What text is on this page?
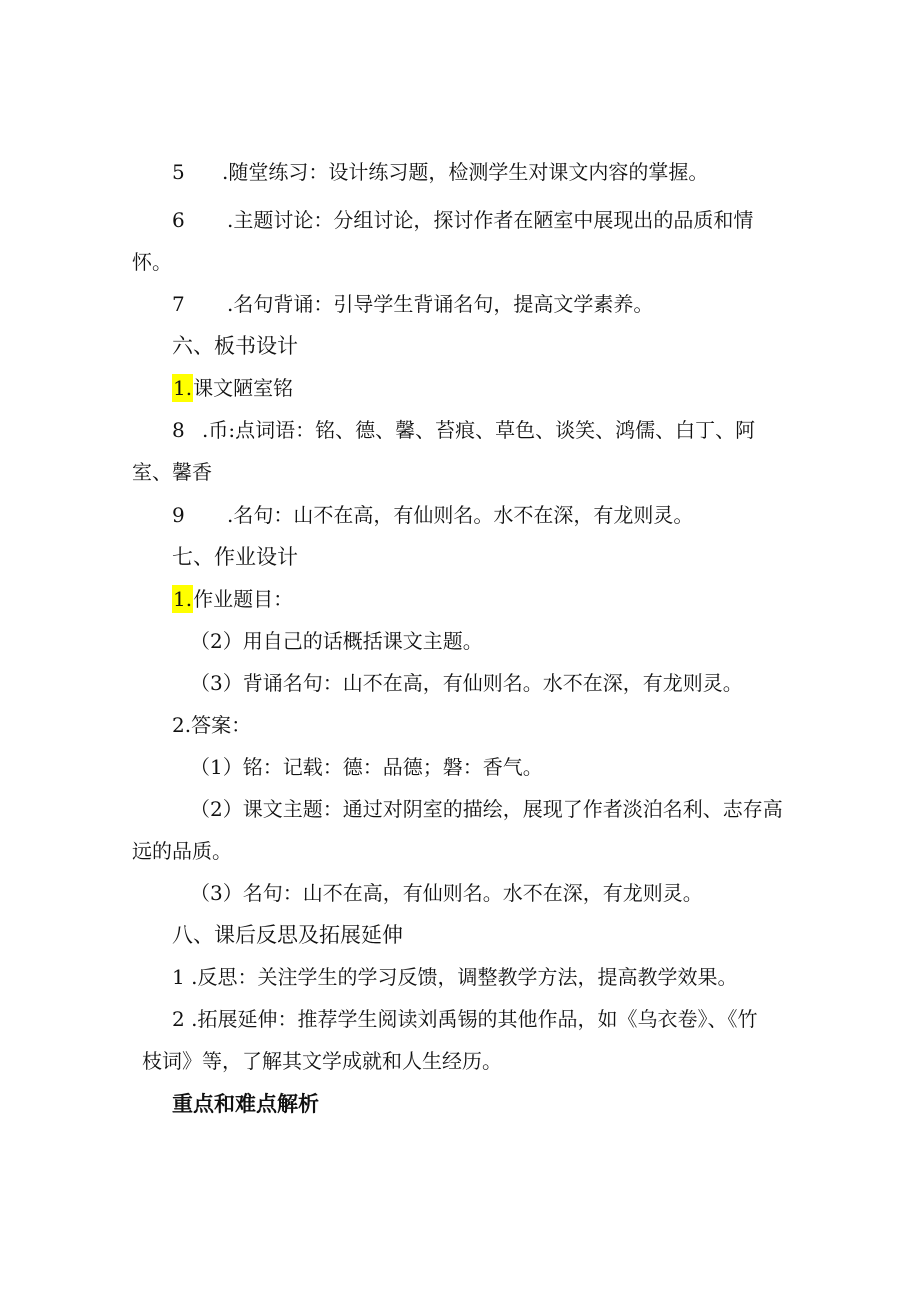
5 .随堂练习：设计练习题，检测学生对课文内容的掌握。
6 .主题讨论：分组讨论，探讨作者在陋室中展现出的品质和情
怀。
7 .名句背诵：引导学生背诵名句，提高文学素养。
六、板书设计
1.课文陋室铭
8 .币:点词语：铭、德、馨、苔痕、草色、谈笑、鸿儒、白丁、阿
室、馨香
9 .名句：山不在高，有仙则名。水不在深，有龙则灵。
七、作业设计
1.作业题目：
（2）用自己的话概括课文主题。
（3）背诵名句：山不在高，有仙则名。水不在深，有龙则灵。
2.答案：
（1）铭：记载：德：品德；磐：香气。
（2）课文主题：通过对阴室的描绘，展现了作者淡泊名利、志存高
远的品质。
（3）名句：山不在高，有仙则名。水不在深，有龙则灵。
八、课后反思及拓展延伸
1 .反思：关注学生的学习反馈，调整教学方法，提高教学效果。
2 .拓展延伸：推荐学生阅读刘禹锡的其他作品，如《乌衣卷》、《竹
枝词》等，了解其文学成就和人生经历。
重点和难点解析
